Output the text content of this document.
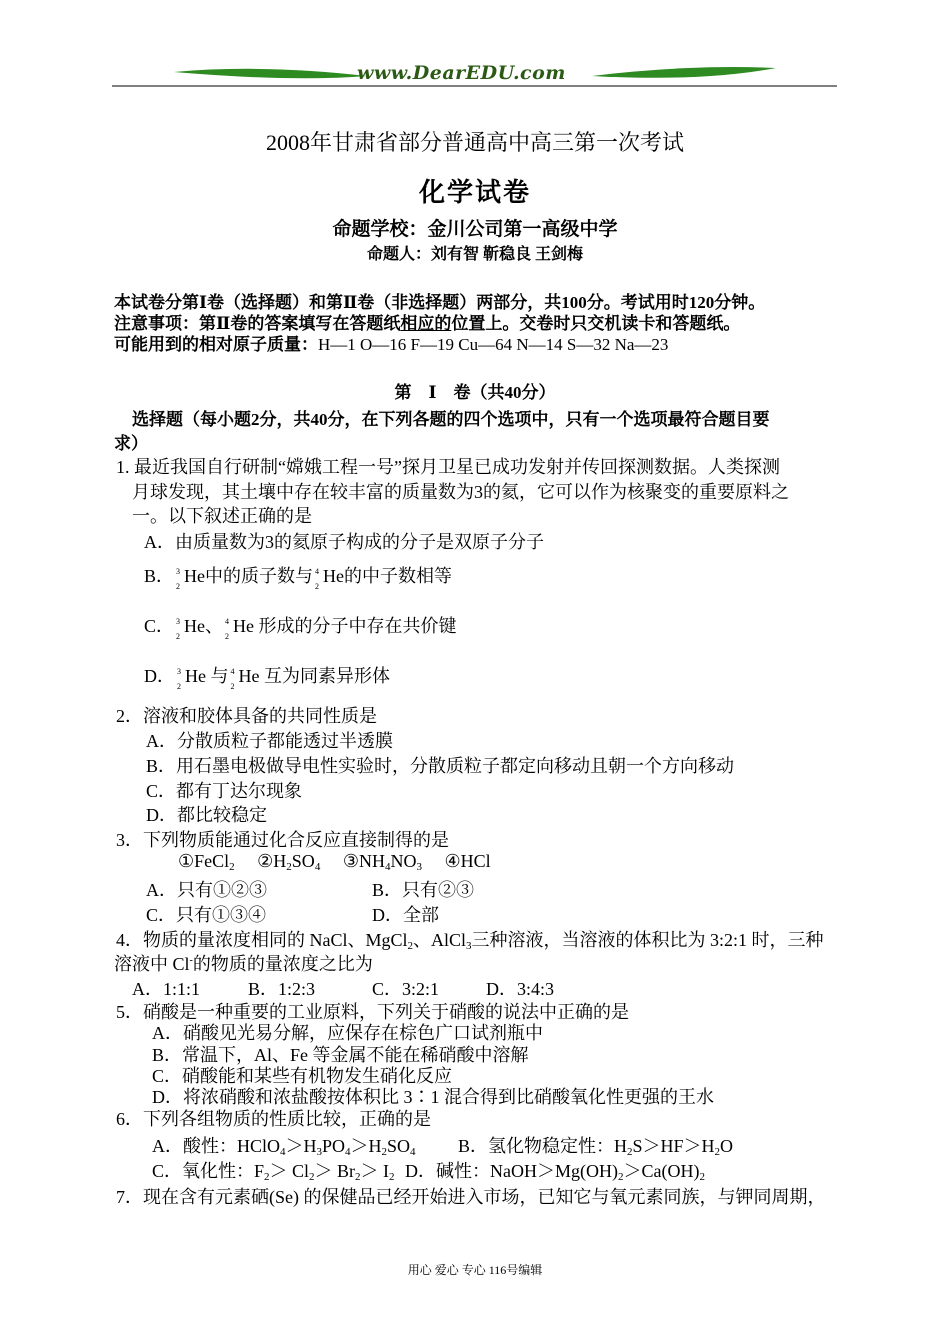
www.DearEDU.com
2008年甘肃省部分普通高中高三第一次考试
化学试卷
命题学校：金川公司第一高级中学
命题人：刘有智 靳稳良 王剑梅
本试卷分第Ⅰ卷（选择题）和第Ⅱ卷（非选择题）两部分，共100分。考试用时120分钟。
注意事项：第Ⅱ卷的答案填写在答题纸相应的位置上。交卷时只交机读卡和答题纸。
可能用到的相对原子质量：H—1 O—16 F—19 Cu—64 N—14 S—32 Na—23
第　Ⅰ　卷（共40分）
选择题（每小题2分，共40分，在下列各题的四个选项中，只有一个选项最符合题目要
求）
1. 最近我国自行研制“嫦娥工程一号”探月卫星已成功发射并传回探测数据。人类探测
月球发现，其土壤中存在较丰富的质量数为3的氦，它可以作为核聚变的重要原料之
一。以下叙述正确的是
A．由质量数为3的氦原子构成的分子是双原子分子
B． 3
2
He中的质子数与 4
2
He的中子数相等
C． 3
2
He、 4
2
He 形成的分子中存在共价键
D． 3
2
He 与 4
2
He 互为同素异形体
2．溶液和胶体具备的共同性质是
A．分散质粒子都能透过半透膜
B．用石墨电极做导电性实验时，分散质粒子都定向移动且朝一个方向移动
C．都有丁达尔现象
D．都比较稳定
3．下列物质能通过化合反应直接制得的是
①FeCl$_2$ $②H_2SO_4$ $③NH_4NO_3$ ④HCl
A．只有①②③	B．只有②③
C．只有①③④	D．全部
4．物质的量浓度相同的 NaCl、MgCl$_2$、AlCl$_3$三种溶液，当溶液的体积比为 3:2:1 时，三种
溶液中 Cl-的物质的量浓度之比为
A．1:1:1	B．1:2:3	C．3:2:1	D．3:4:3
5．硝酸是一种重要的工业原料，下列关于硝酸的说法中正确的是
A．硝酸见光易分解，应保存在棕色广口试剂瓶中
B．常温下，Al、Fe 等金属不能在稀硝酸中溶解
C．硝酸能和某些有机物发生硝化反应
D．将浓硝酸和浓盐酸按体积比 3∶1 混合得到比硝酸氧化性更强的王水
6．下列各组物质的性质比较，正确的是
A．酸性：$HClO_4>H_3PO_4>H_2SO_4$ B．氢化物稳定性：$H_2S>HF>H_2O$
C．氧化性：$F_2> Cl_2> Br_2> I_2$ D．碱性：$NaOH>Mg(OH)_2>Ca(OH)_2$
7．现在含有元素硒(Se) 的保健品已经开始进入市场，已知它与氧元素同族，与钾同周期，
用心 爱心 专心 116号编辑
